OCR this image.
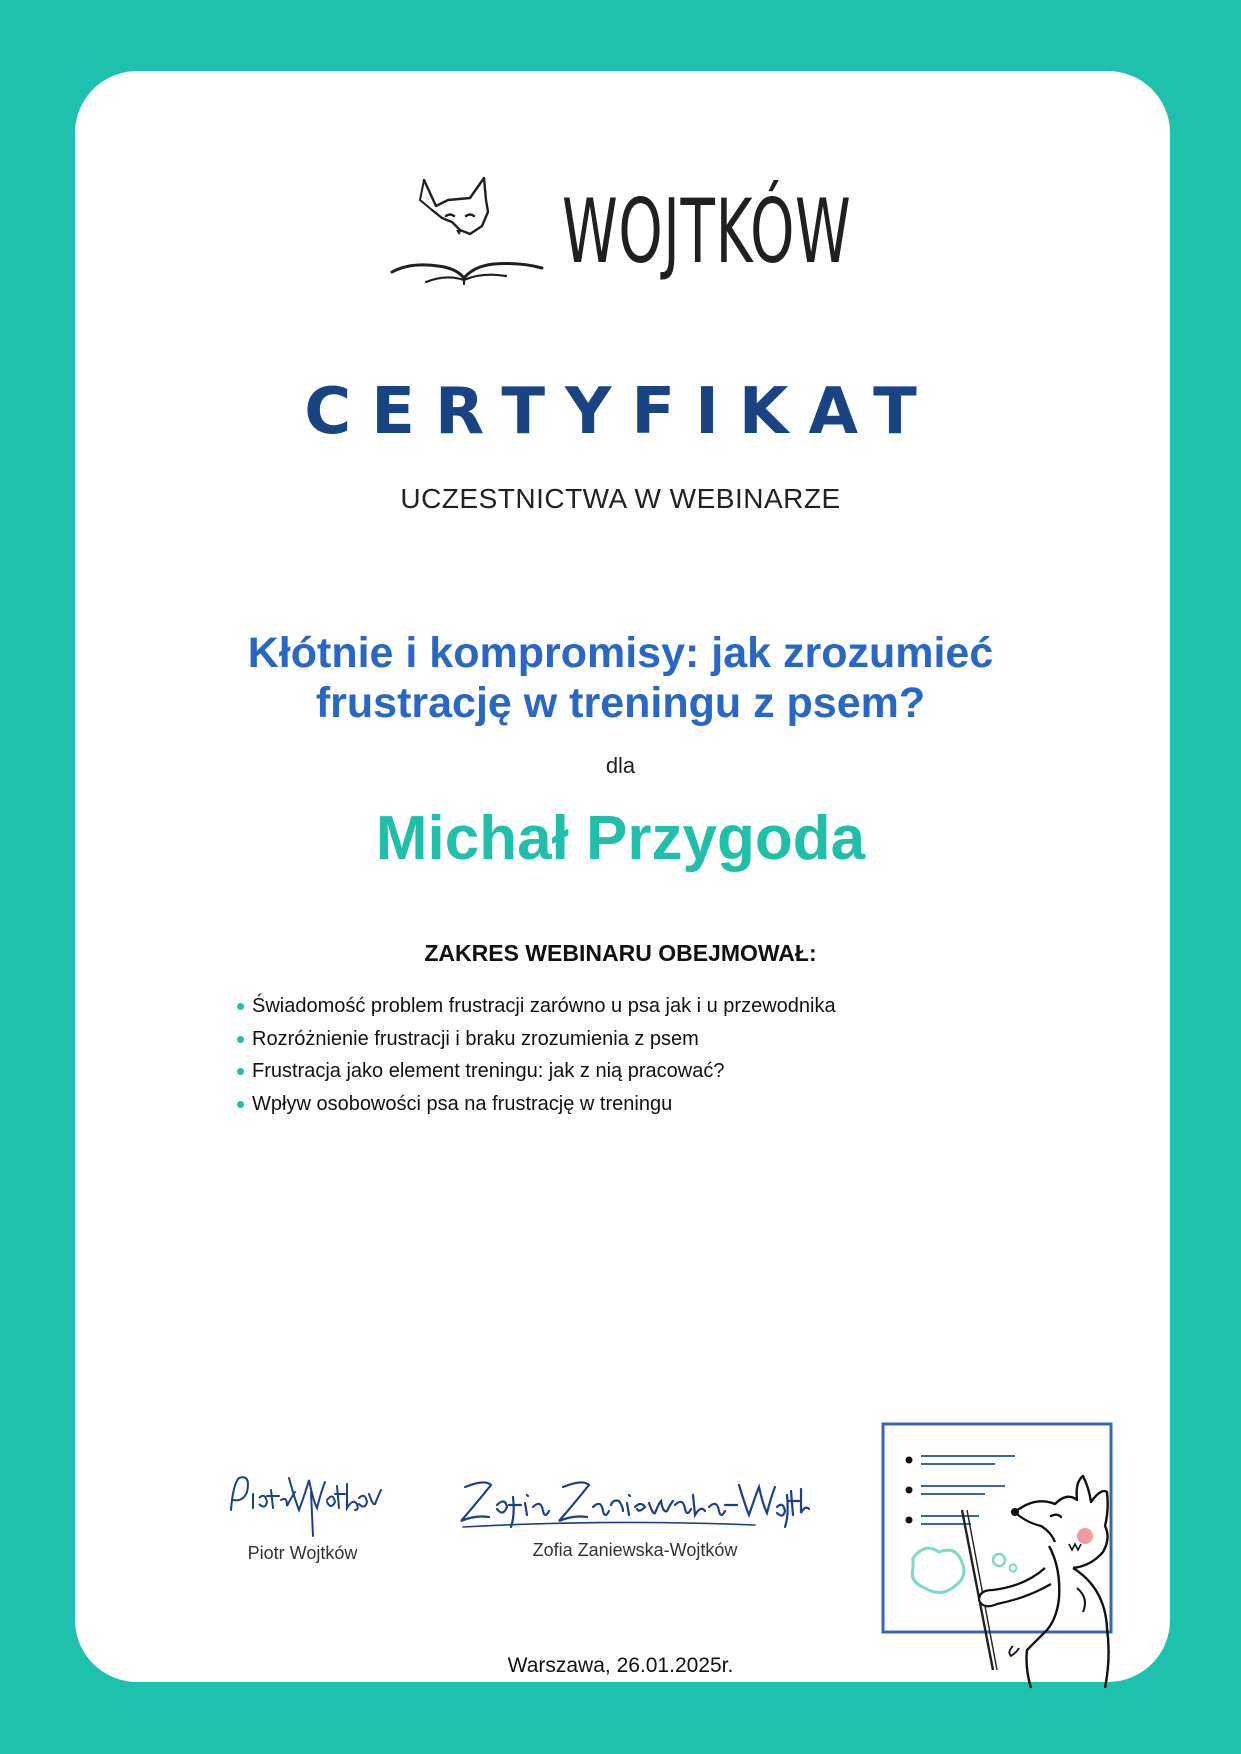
WOJTKÓW
CERTYFIKAT
UCZESTNICTWA W WEBINARZE
Kłótnie i kompromisy: jak zrozumieć
frustrację w treningu z psem?
dla
Michał Przygoda
ZAKRES WEBINARU OBEJMOWAŁ:
Świadomość problem frustracji zarówno u psa jak i u przewodnika
Rozróżnienie frustracji i braku zrozumienia z psem
Frustracja jako element treningu: jak z nią pracować?
Wpływ osobowości psa na frustrację w treningu
Piotr Wojtków	Zofia Zaniewska-Wojtków
Warszawa, 26.01.2025r.
